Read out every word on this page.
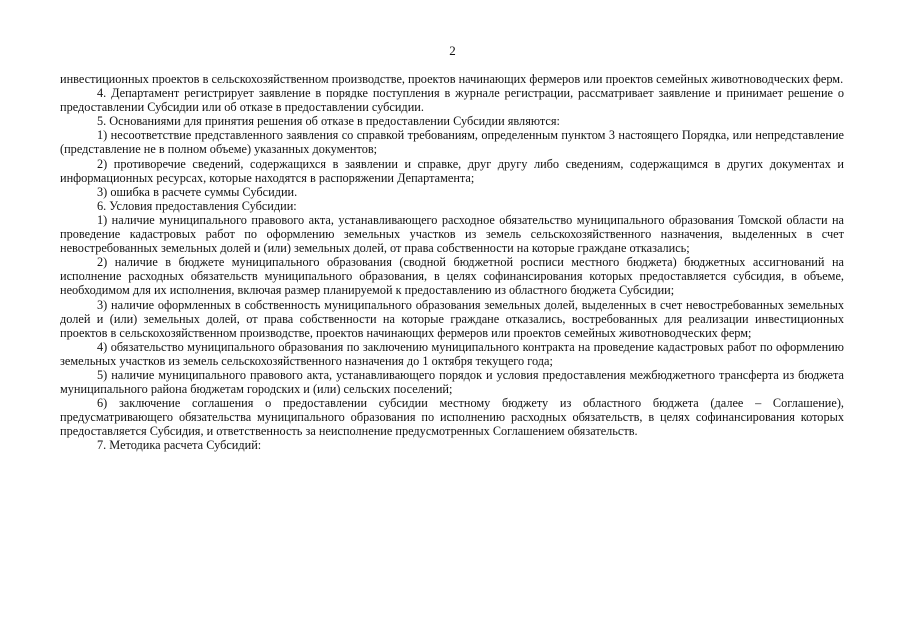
2

инвестиционных проектов в сельскохозяйственном производстве, проектов начинающих фермеров или проектов семейных животноводческих ферм.

4. Департамент регистрирует заявление в порядке поступления в журнале регистрации, рассматривает заявление и принимает решение о предоставлении Субсидии или об отказе в предоставлении субсидии.

5. Основаниями для принятия решения об отказе в предоставлении Субсидии являются:

1) несоответствие представленного заявления со справкой требованиям, определенным пунктом 3 настоящего Порядка, или непредставление (представление не в полном объеме) указанных документов;

2) противоречие сведений, содержащихся в заявлении и справке, друг другу либо сведениям, содержащимся в других документах и информационных ресурсах, которые находятся в распоряжении Департамента;

3) ошибка в расчете суммы Субсидии.

6. Условия предоставления Субсидии:

1) наличие муниципального правового акта, устанавливающего расходное обязательство муниципального образования Томской области на проведение кадастровых работ по оформлению земельных участков из земель сельскохозяйственного назначения, выделенных в счет невостребованных земельных долей и (или) земельных долей, от права собственности на которые граждане отказались;

2) наличие в бюджете муниципального образования (сводной бюджетной росписи местного бюджета) бюджетных ассигнований на исполнение расходных обязательств муниципального образования, в целях софинансирования которых предоставляется субсидия, в объеме, необходимом для их исполнения, включая размер планируемой к предоставлению из областного бюджета Субсидии;

3) наличие оформленных в собственность муниципального образования земельных долей, выделенных в счет невостребованных земельных долей и (или) земельных долей, от права собственности на которые граждане отказались, востребованных для реализации инвестиционных проектов в сельскохозяйственном производстве, проектов начинающих фермеров или проектов семейных животноводческих ферм;

4) обязательство муниципального образования по заключению муниципального контракта на проведение кадастровых работ по оформлению земельных участков из земель сельскохозяйственного назначения до 1 октября текущего года;

5) наличие муниципального правового акта, устанавливающего порядок и условия предоставления межбюджетного трансферта из бюджета муниципального района бюджетам городских и (или) сельских поселений;

6) заключение соглашения о предоставлении субсидии местному бюджету из областного бюджета (далее – Соглашение), предусматривающего обязательства муниципального образования по исполнению расходных обязательств, в целях софинансирования которых предоставляется Субсидия, и ответственность за неисполнение предусмотренных Соглашением обязательств.

7. Методика расчета Субсидий:
